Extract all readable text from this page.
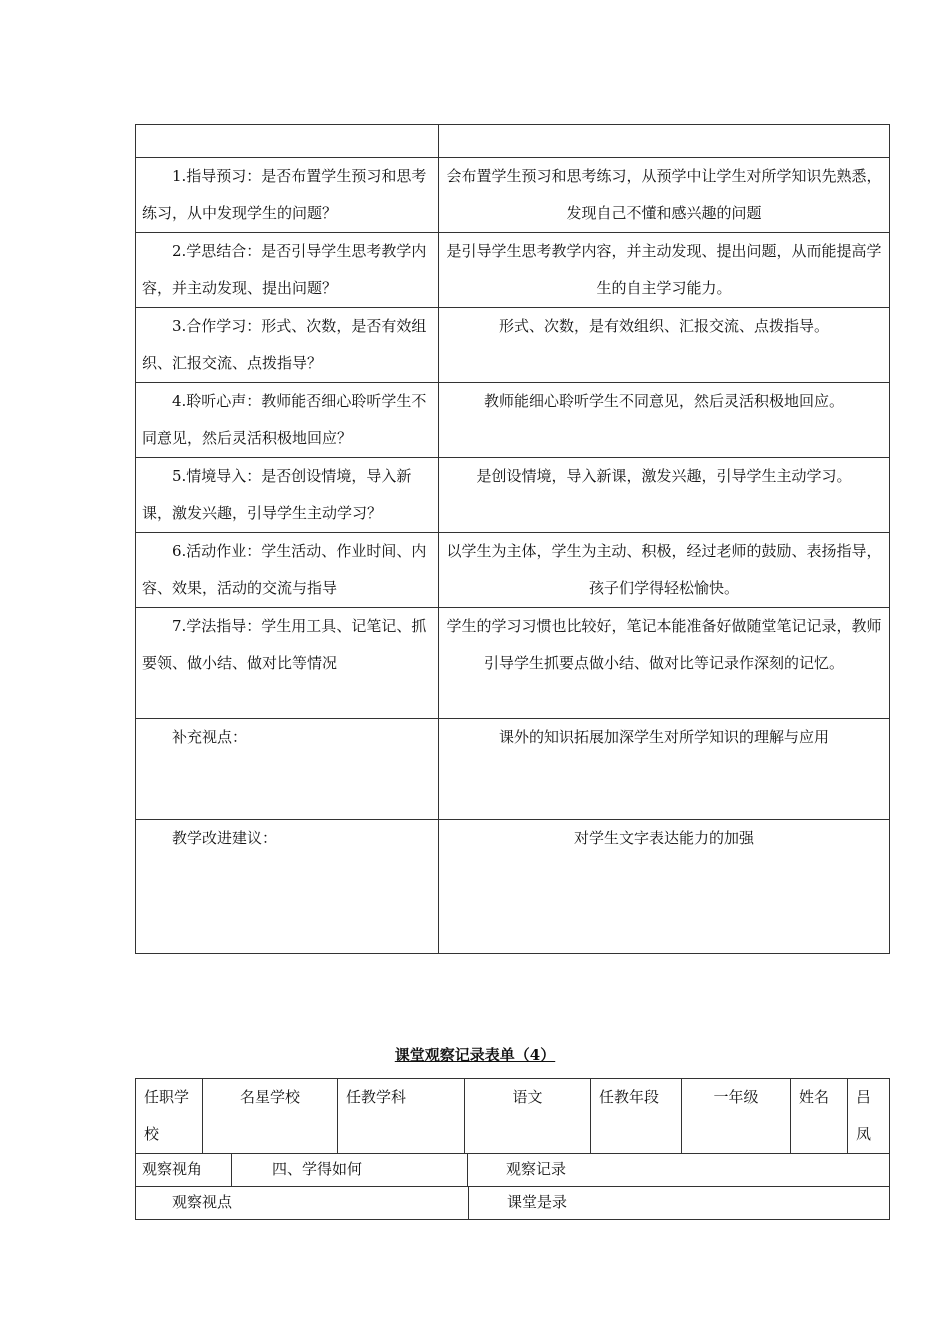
1.指导预习：是否布置学生预习和思考练习，从中发现学生的问题？	会布置学生预习和思考练习，从预学中让学生对所学知识先熟悉，发现自己不懂和感兴趣的问题
2.学思结合：是否引导学生思考教学内容，并主动发现、提出问题？	是引导学生思考教学内容，并主动发现、提出问题，从而能提高学生的自主学习能力。
3.合作学习：形式、次数，是否有效组织、汇报交流、点拨指导？	形式、次数，是有效组织、汇报交流、点拨指导。
4.聆听心声：教师能否细心聆听学生不同意见，然后灵活积极地回应？	教师能细心聆听学生不同意见，然后灵活积极地回应。
5.情境导入：是否创设情境，导入新课，激发兴趣，引导学生主动学习？	是创设情境，导入新课，激发兴趣，引导学生主动学习。
6.活动作业：学生活动、作业时间、内容、效果，活动的交流与指导	以学生为主体，学生为主动、积极，经过老师的鼓励、表扬指导，孩子们学得轻松愉快。
7.学法指导：学生用工具、记笔记、抓要领、做小结、做对比等情况	学生的学习习惯也比较好，笔记本能准备好做随堂笔记记录，教师引导学生抓要点做小结、做对比等记录作深刻的记忆。
补充视点：	课外的知识拓展加深学生对所学知识的理解与应用
教学改进建议：	对学生文字表达能力的加强
课堂观察记录表单（4）
任职学校	名星学校	任教学科	语文	任教年段	一年级	姓名	吕凤
观察视角	四、学得如何	观察记录
观察视点	课堂是录
